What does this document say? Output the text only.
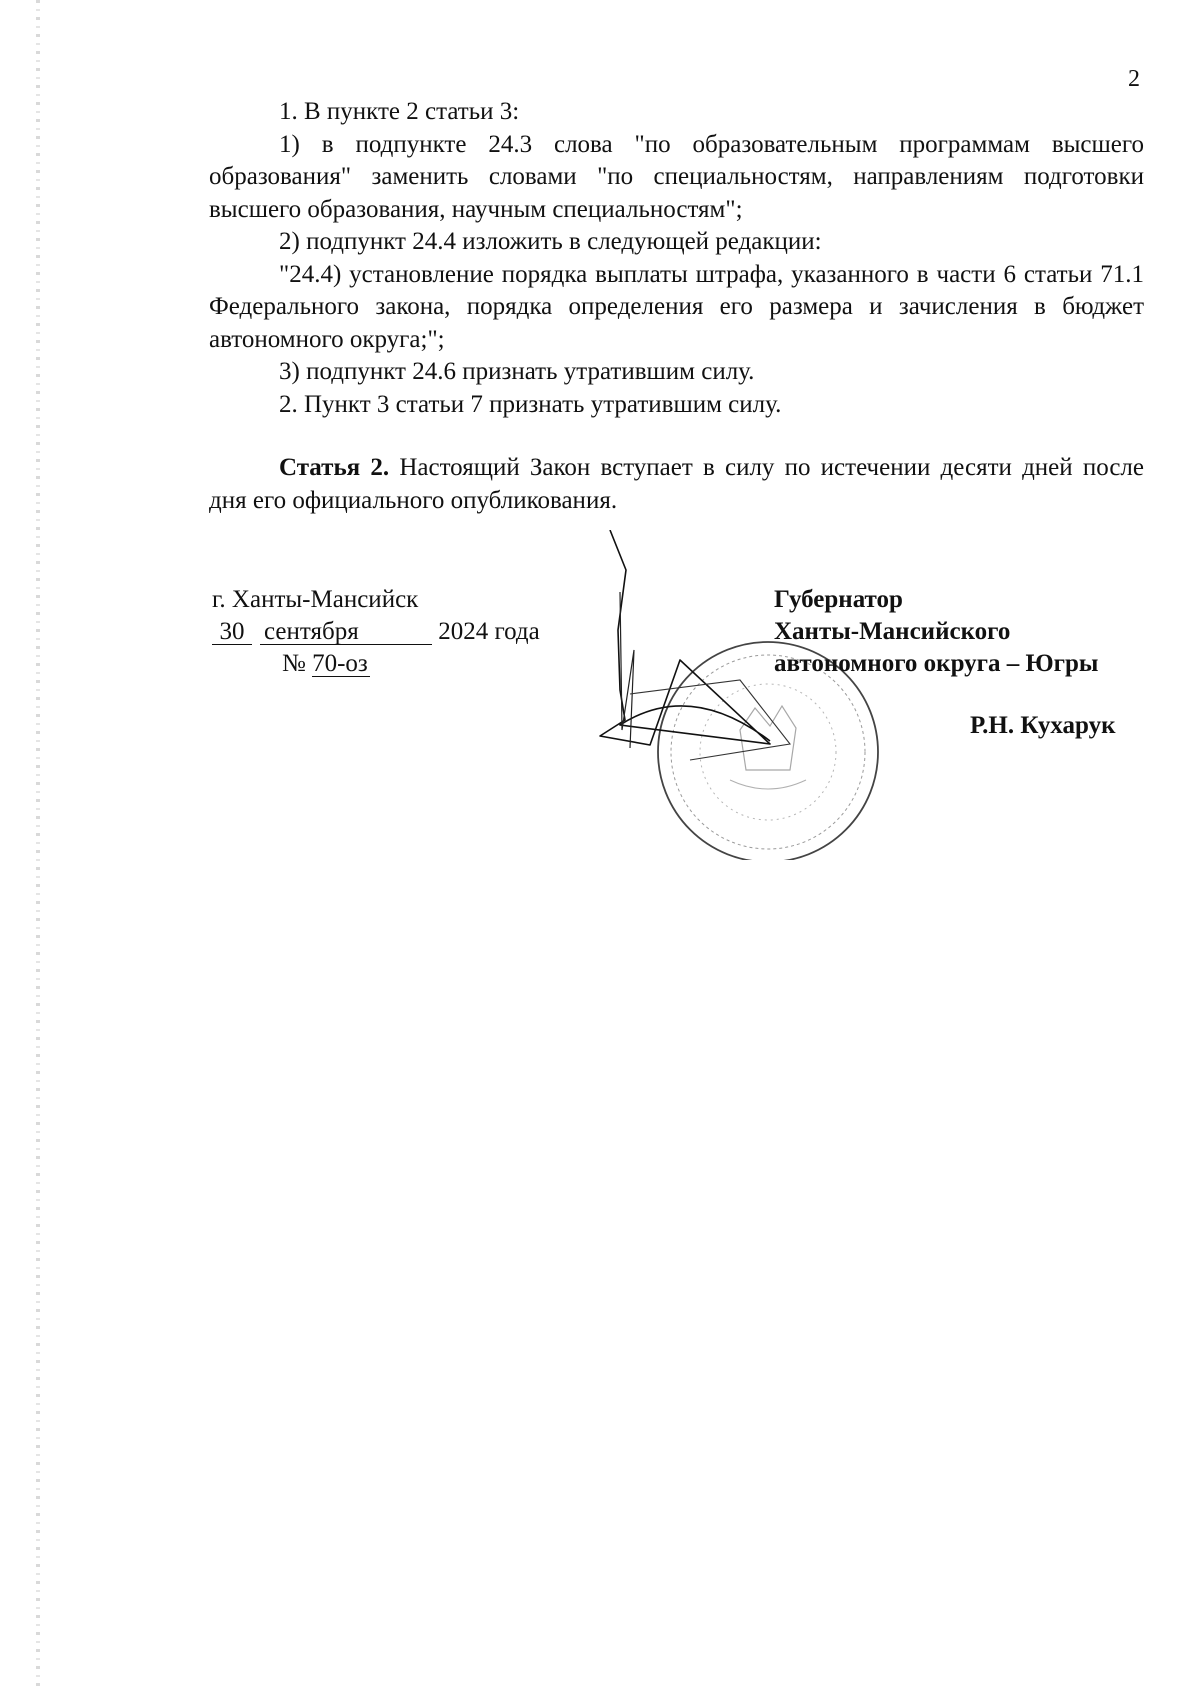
2

1. В пункте 2 статьи 3:

1) в подпункте 24.3 слова "по образовательным программам высшего образования" заменить словами "по специальностям, направлениям подготовки высшего образования, научным специальностям";

2) подпункт 24.4 изложить в следующей редакции:

"24.4) установление порядка выплаты штрафа, указанного в части 6 статьи 71.1 Федерального закона, порядка определения его размера и зачисления в бюджет автономного округа;";

3) подпункт 24.6 признать утратившим силу.

2. Пункт 3 статьи 7 признать утратившим силу.

Статья 2. Настоящий Закон вступает в силу по истечении десяти дней после дня его официального опубликования.

г. Ханты-Мансийск
30 сентября	2024 года
№ 70-оз
Губернатор
Ханты-Мансийского
автономного округа – Югры
Р.Н. Кухарук
